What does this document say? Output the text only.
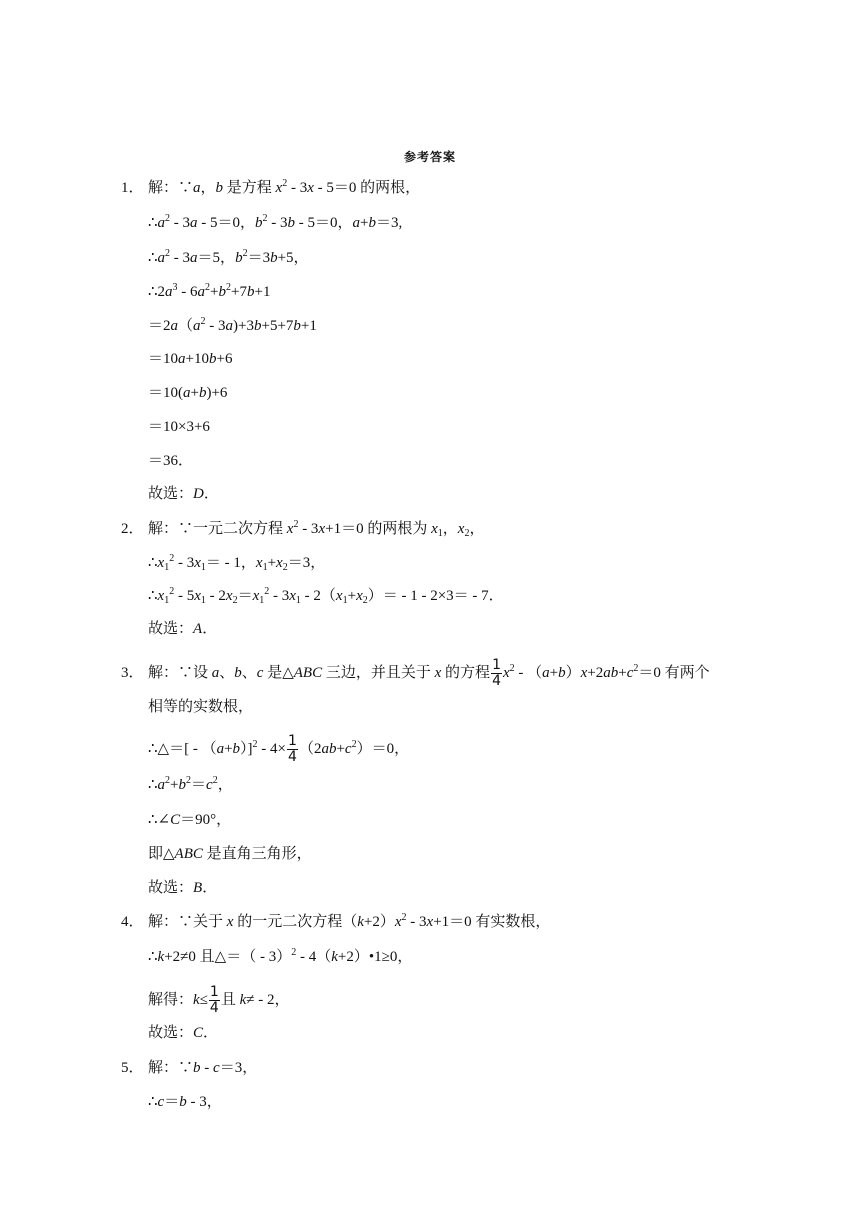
参考答案
1． 解：∵a，b 是方程 $x^2 - 3x - 5=0$ 的两根，
$\therefore a^2 - 3a - 5=0$，$b^2 - 3b - 5=0$，a+b＝3,
$\therefore a^2 - 3a=5$，$b^2=3b+5$，
$\therefore 2a^3 - 6a^2+b^2+7b+1$
$=2a(a^2 - 3a)+3b+5+7b+1$
＝10a+10b+6
＝10(a+b)+6
＝10×3+6
＝36．
故选：D．
2． 解：∵一元二次方程 $x^2 - 3x+1=0$ 的两根为 $x_1$，$x_2$，
$\therefore x_1^2 - 3x_1= - 1$，$x_1+x_2=3$，
$\therefore x_1^2 - 5x_1 - 2x_2=x_1^2 - 3x_1 - 2(x_1+x_2)= - 1 - 2\times 3= - 7$．
故选：A．
3． 解：∵设 a、b、c 是△ABC 三边，并且关于 x 的方程 $\frac{1}{4} x^2 - (a+b)x+2ab+c^2=0$ 有两个
相等的实数根，
∴△＝[ - $(a+b)]^2 - 4\times \frac{1}{4} (2ab+c^2)=0$，
$\therefore a^2+b^2=c^2$，
∴∠C＝90°，
即△ABC 是直角三角形，
故选：B．
4． 解：∵关于 x 的一元二次方程$(k+2)x^2 - 3x+1=0$ 有实数根，
∴k+2≠0 且△＝（ - 3）$^2$ - 4（k+2）•1≥0，
解得：$k\le \frac{1}{4}$ 且 k≠ - 2，
故选：C．
5． 解：∵b - c＝3，
∴c＝b - 3，
